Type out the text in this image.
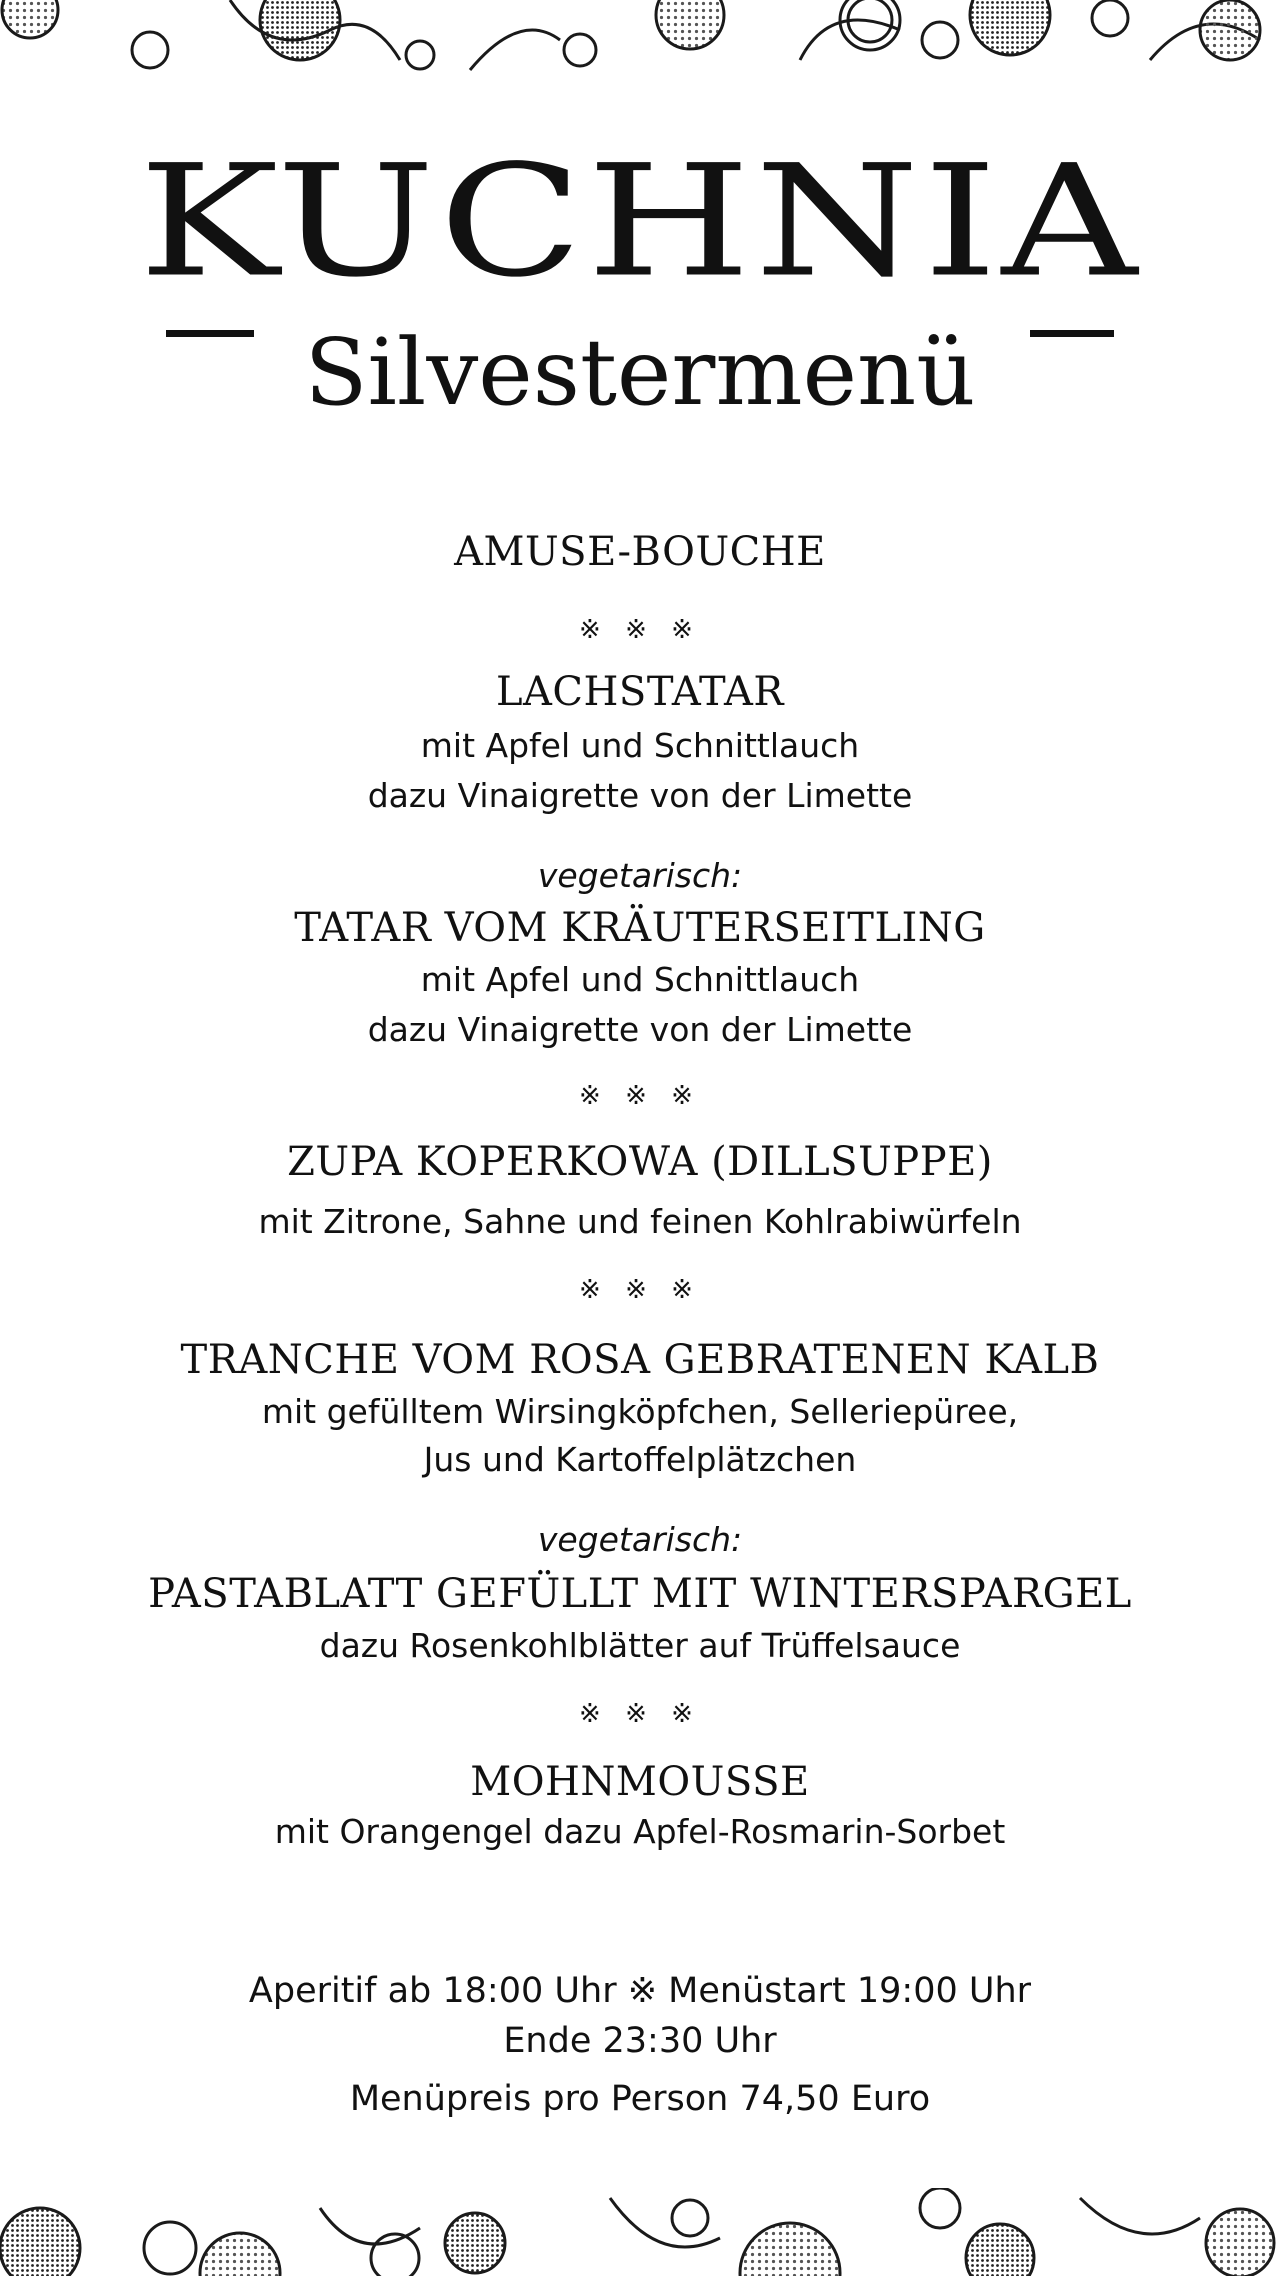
KUCHNIA
Silvestermenü
AMUSE-BOUCHE
※ ※ ※
LACHSTATAR
mit Apfel und Schnittlauch
dazu Vinaigrette von der Limette
vegetarisch:
TATAR VOM KRÄUTERSEITLING
mit Apfel und Schnittlauch
dazu Vinaigrette von der Limette
※ ※ ※
ZUPA KOPERKOWA (DILLSUPPE)
mit Zitrone, Sahne und feinen Kohlrabiwürfeln
※ ※ ※
TRANCHE VOM ROSA GEBRATENEN KALB
mit gefülltem Wirsingköpfchen, Selleriepüree,
Jus und Kartoffelplätzchen
vegetarisch:
PASTABLATT GEFÜLLT MIT WINTERSPARGEL
dazu Rosenkohlblätter auf Trüffelsauce
※ ※ ※
MOHNMOUSSE
mit Orangengel dazu Apfel-Rosmarin-Sorbet
Aperitif ab 18:00 Uhr ※ Menüstart 19:00 Uhr
Ende 23:30 Uhr
Menüpreis pro Person 74,50 Euro
